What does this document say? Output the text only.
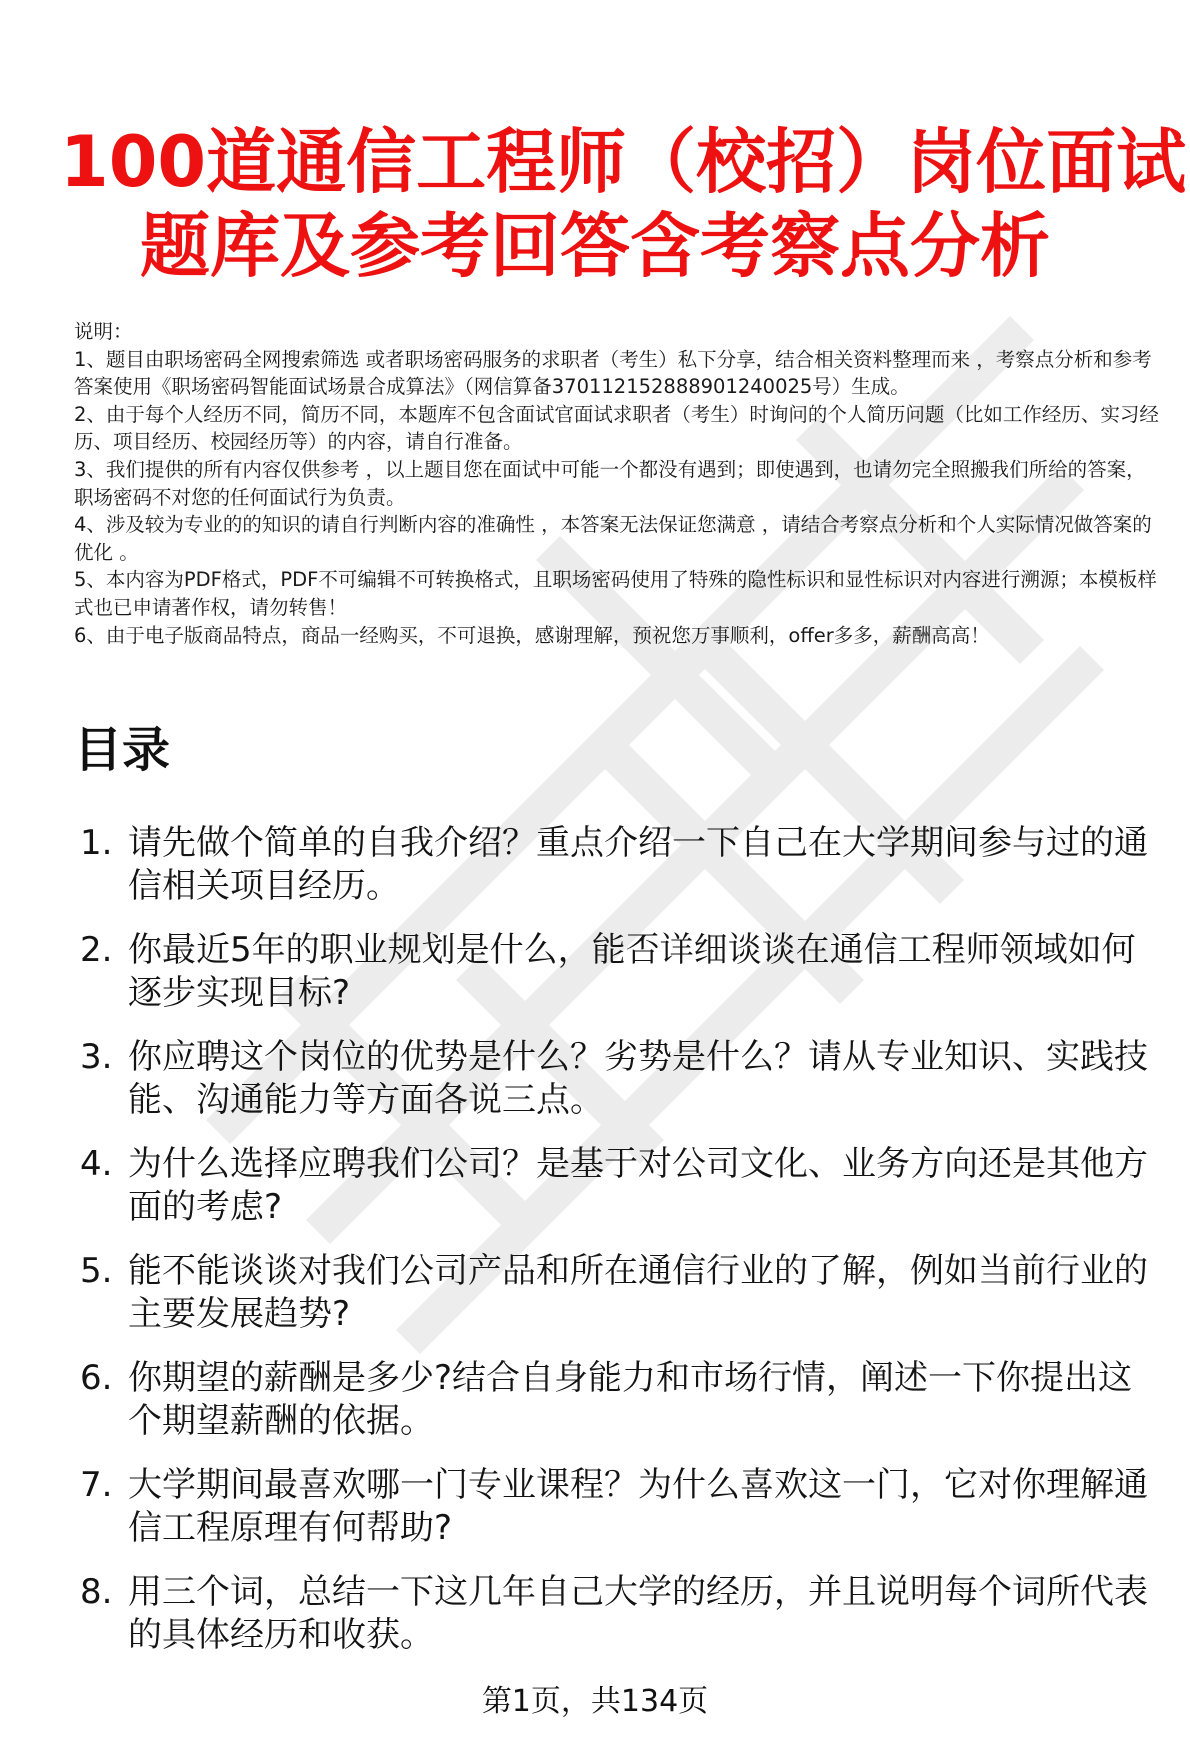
100道通信工程师（校招）岗位面试
题库及参考回答含考察点分析

说明：

1、题目由职场密码全网搜索筛选 或者职场密码服务的求职者（考生）私下分享，结合相关资料整理而来 ，考察点分析和参考答案使用《职场密码智能面试场景合成算法》（网信算备370112152888901240025号）生成。

2、由于每个人经历不同，简历不同，本题库不包含面试官面试求职者（考生）时询问的个人简历问题（比如工作经历、实习经历、项目经历、校园经历等）的内容，请自行准备。

3、我们提供的所有内容仅供参考 ，以上题目您在面试中可能一个都没有遇到；即使遇到，也请勿完全照搬我们所给的答案，职场密码不对您的任何面试行为负责。

4、涉及较为专业的的知识的请自行判断内容的准确性 ，本答案无法保证您满意 ，请结合考察点分析和个人实际情况做答案的优化 。

5、本内容为PDF格式，PDF不可编辑不可转换格式，且职场密码使用了特殊的隐性标识和显性标识对内容进行溯源；本模板样式也已申请著作权，请勿转售！

6、由于电子版商品特点，商品一经购买，不可退换，感谢理解，预祝您万事顺利，offer多多，薪酬高高！

目录
1. 请先做个简单的自我介绍？重点介绍一下自己在大学期间参与过的通信相关项目经历。
2. 你最近5年的职业规划是什么，能否详细谈谈在通信工程师领域如何逐步实现目标?
3. 你应聘这个岗位的优势是什么？劣势是什么？请从专业知识、实践技能、沟通能力等方面各说三点。
4. 为什么选择应聘我们公司？是基于对公司文化、业务方向还是其他方面的考虑?
5. 能不能谈谈对我们公司产品和所在通信行业的了解，例如当前行业的主要发展趋势?
6. 你期望的薪酬是多少?结合自身能力和市场行情，阐述一下你提出这个期望薪酬的依据。
7. 大学期间最喜欢哪一门专业课程？为什么喜欢这一门，它对你理解通信工程原理有何帮助?
8. 用三个词，总结一下这几年自己大学的经历，并且说明每个词所代表的具体经历和收获。
第1页，共134页
